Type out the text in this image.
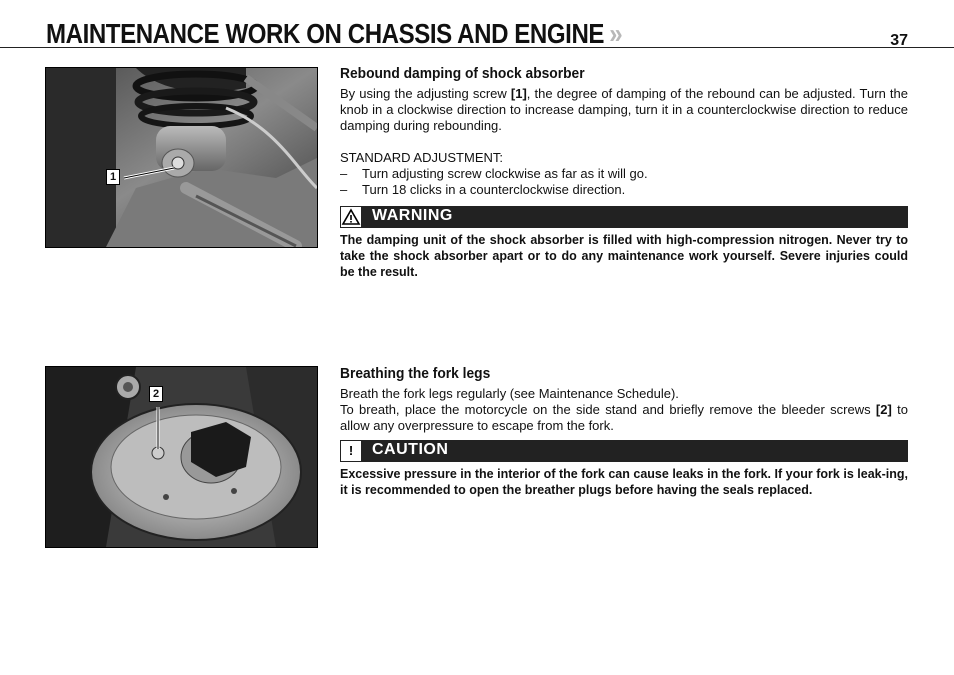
MAINTENANCE WORK ON CHASSIS AND ENGINE »	37
1
Rebound damping of shock absorber

By using the adjusting screw [1], the degree of damping of the rebound can be adjusted. Turn the knob in a clockwise direction to increase damping, turn it in a counterclockwise direction to reduce damping during rebounding.

STANDARD ADJUSTMENT:
– Turn adjusting screw clockwise as far as it will go.
– Turn 18 clicks in a counterclockwise direction.
WARNING

The damping unit of the shock absorber is filled with high-compression nitrogen. Never try to take the shock absorber apart or to do any maintenance work yourself. Severe injuries could be the result.

2
Breathing the fork legs

Breath the fork legs regularly (see Maintenance Schedule).

To breath, place the motorcycle on the side stand and briefly remove the bleeder screws [2] to allow any overpressure to escape from the fork.

!	CAUTION

Excessive pressure in the interior of the fork can cause leaks in the fork. If your fork is leak-ing, it is recommended to open the breather plugs before having the seals replaced.
